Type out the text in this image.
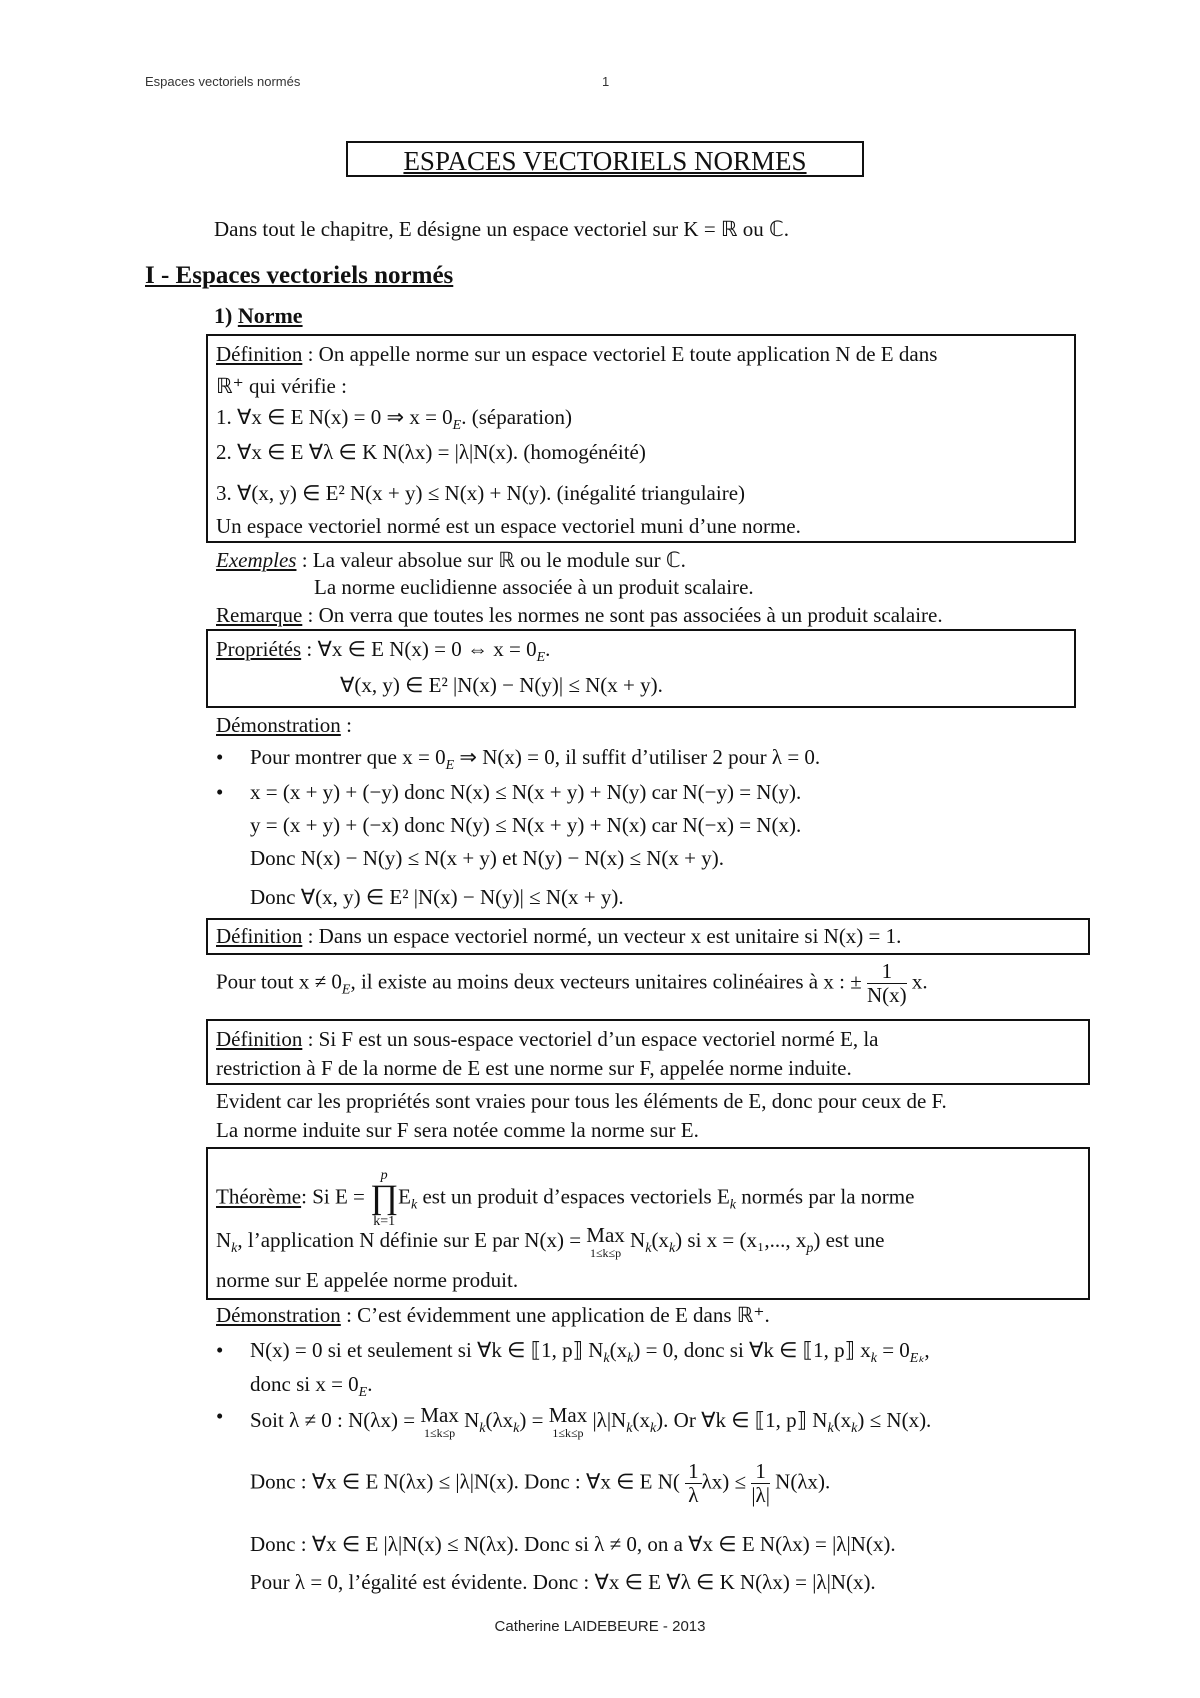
Espaces vectoriels normés	1
ESPACES VECTORIELS NORMES
Dans tout le chapitre, E désigne un espace vectoriel sur K = ℝ ou ℂ.
I - Espaces vectoriels normés
1) Norme
Définition : On appelle norme sur un espace vectoriel E toute application N de E dans
ℝ⁺ qui vérifie :
1. ∀x ∈ E N(x) = 0 ⇒ $x = 0_E$. (séparation)
2. ∀x ∈ E ∀λ ∈ K N(λx) = |λ|N(x). (homogénéité)
3. ∀(x, y) ∈ E² N(x + y) ≤ N(x) + N(y). (inégalité triangulaire)
Un espace vectoriel normé est un espace vectoriel muni d’une norme.
Exemples : La valeur absolue sur ℝ ou le module sur ℂ.
La norme euclidienne associée à un produit scalaire.
Remarque : On verra que toutes les normes ne sont pas associées à un produit scalaire.
Propriétés : ∀x ∈ E N(x) = 0 ⇔ $x = 0_E$.
∀(x, y) ∈ E² |N(x) − N(y)| ≤ N(x + y).
Démonstration :
• Pour montrer que $x = 0_E$ ⇒ N(x) = 0, il suffit d’utiliser 2 pour λ = 0.
• x = (x + y) + (−y) donc N(x) ≤ N(x + y) + N(y) car N(−y) = N(y).
y = (x + y) + (−x) donc N(y) ≤ N(x + y) + N(x) car N(−x) = N(x).
Donc N(x) − N(y) ≤ N(x + y) et N(y) − N(x) ≤ N(x + y).
Donc ∀(x, y) ∈ E² |N(x) − N(y)| ≤ N(x + y).
Définition : Dans un espace vectoriel normé, un vecteur x est unitaire si N(x) = 1.
Pour tout $x \ne 0_E$, il existe au moins deux vecteurs unitaires colinéaires à x : ± $\frac{1}{N(x)} x$.
Définition : Si F est un sous-espace vectoriel d’un espace vectoriel normé E, la
restriction à F de la norme de E est une norme sur F, appelée norme induite.
Evident car les propriétés sont vraies pour tous les éléments de E, donc pour ceux de F.
La norme induite sur F sera notée comme la norme sur E.
Théorème: Si E =
p
∏
k=1
$E_k$ est un produit d’espaces vectoriels $E_k$ normés par la norme
$N_k$, l’application N définie sur E par N(x) = Max
1≤k≤p
$N_k(x_k)$ si x = (x₁,..., $x_p$) est une
norme sur E appelée norme produit.
Démonstration : C’est évidemment une application de E dans ℝ⁺.
• N(x) = 0 si et seulement si ∀k ∈ ⟦1, p⟧ $N_k(x_k) = 0$, donc si ∀k ∈ ⟦1, p⟧ $x_k = 0_{E_k}$,
donc si $x = 0_E$.
• Soit λ ≠ 0 : N(λx) = Max
1≤k≤p
$N_k(\lambda x_k)$ = Max
1≤k≤p
$|\lambda|N_k(x_k)$. Or ∀k ∈ ⟦1, p⟧ $N_k(x_k) \le N(x)$.
Donc : ∀x ∈ E N(λx) ≤ |λ|N(x). Donc : ∀x ∈ E $N( \frac{1}{\lambda} \lambda x) \le \frac{1}{|\lambda|} N(\lambda x)$.
Donc : ∀x ∈ E |λ|N(x) ≤ N(λx). Donc si λ ≠ 0, on a ∀x ∈ E N(λx) = |λ|N(x).
Pour λ = 0, l’égalité est évidente. Donc : ∀x ∈ E ∀λ ∈ K N(λx) = |λ|N(x).
Catherine LAIDEBEURE - 2013
